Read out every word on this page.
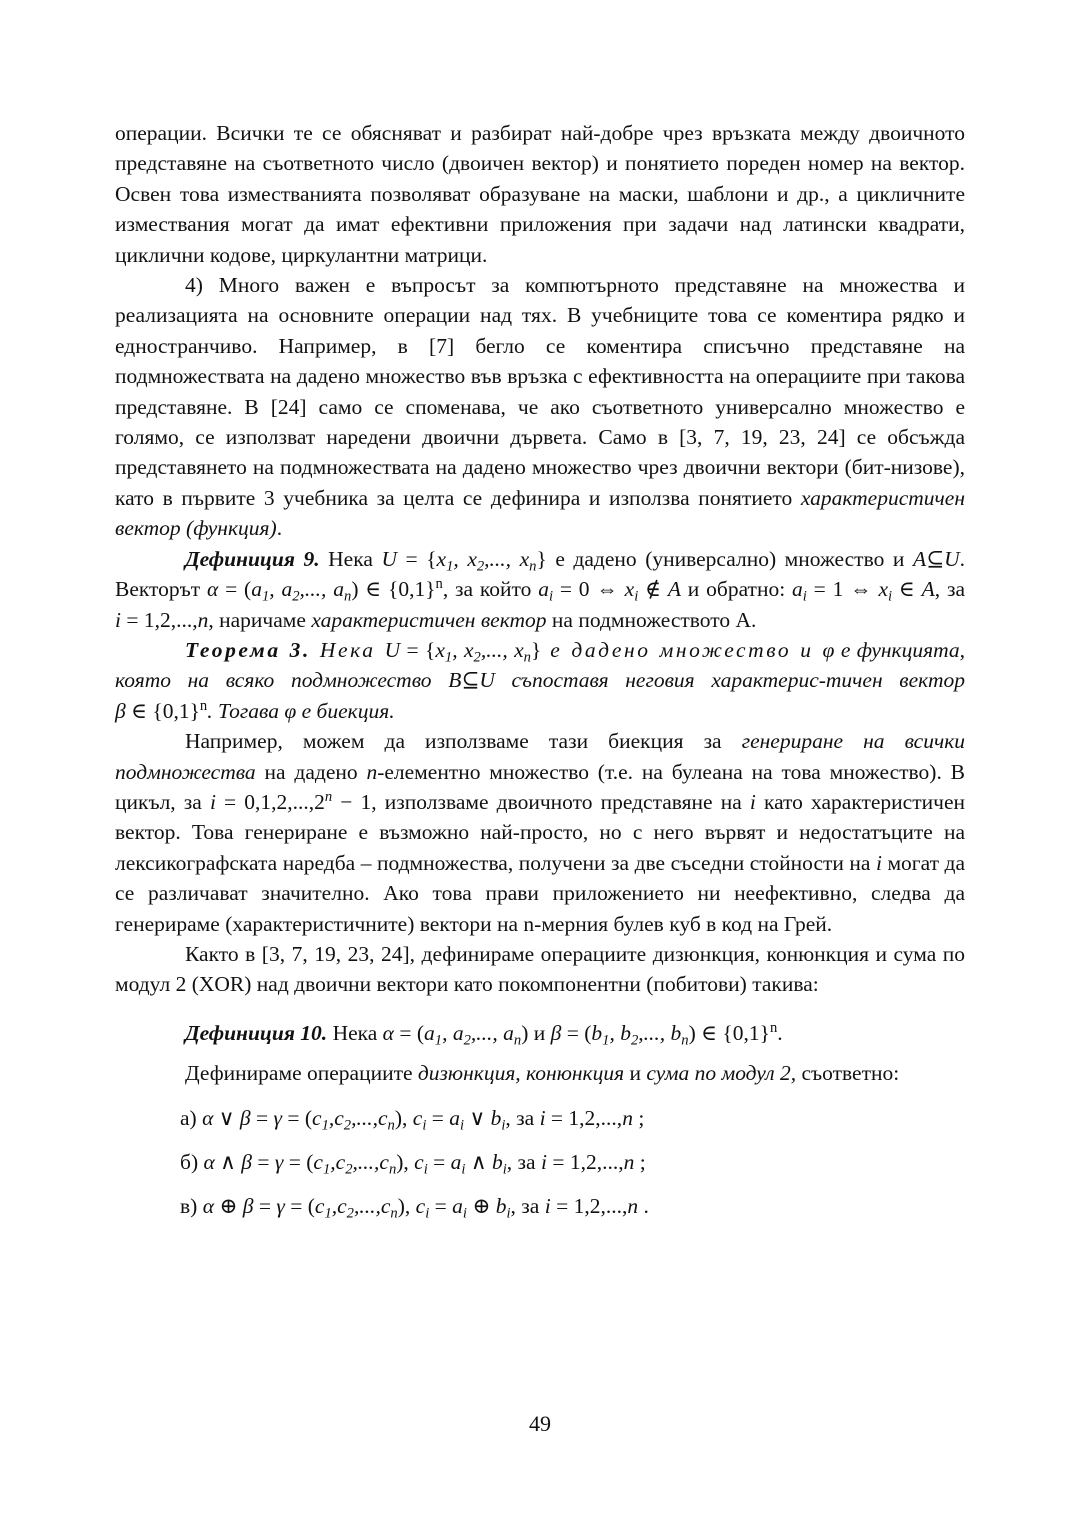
операции. Всички те се обясняват и разбират най-добре чрез връзката между двоичното представяне на съответното число (двоичен вектор) и понятието пореден номер на вектор. Освен това изместванията позволяват образуване на маски, шаблони и др., а цикличните измествания могат да имат ефективни приложения при задачи над латински квадрати, циклични кодове, циркулантни матрици.

4) Много важен е въпросът за компютърното представяне на множества и реализацията на основните операции над тях. В учебниците това се коментира рядко и едностранчиво. Например, в [7] бегло се коментира списъчно представяне на подмножествата на дадено множество във връзка с ефективността на операциите при такова представяне. В [24] само се споменава, че ако съответното универсално множество е голямо, се използват наредени двоични дървета. Само в [3, 7, 19, 23, 24] се обсъжда представянето на подмножествата на дадено множество чрез двоични вектори (бит-низове), като в първите 3 учебника за целта се дефинира и използва понятието характеристичен вектор (функция).

Дефиниция 9. Нека $U = \{x_1$, $x_2$,..., $x_n$} е дадено (универсално) множество и A⊆U. Векторът $\alpha = (a_1$, $a_2$,..., $a_n$) ∈ $\{0,1\}^n$, за който $a_i = 0$ ⇔ $x_i$ ∉ A и обратно: $a_i = 1$ ⇔ $x_i$ ∈ A, за i = 1,2,...,n, наричаме характеристичен вектор на подмножеството A.

Теорема 3. Нека $U = \{x_1$, $x_2$,..., $x_n$} е дадено множество и φ е функцията, която на всяко подмножество B⊆U съпоставя неговия характерис-тичен вектор β ∈ $\{0,1\}^n$. Тогава φ е биекция.

Например, можем да използваме тази биекция за генериране на всички подмножества на дадено n-елементно множество (т.е. на булеана на това множество). В цикъл, за $i = 0,1,2,...,2^n - 1$, използваме двоичното представяне на i като характеристичен вектор. Това генериране е възможно най-просто, но с него вървят и недостатъците на лексикографската наредба – подмножества, получени за две съседни стойности на i могат да се различават значително. Ако това прави приложението ни неефективно, следва да генерираме (характеристичните) вектори на n-мерния булев куб в код на Грей.

Както в [3, 7, 19, 23, 24], дефинираме операциите дизюнкция, конюнкция и сума по модул 2 (XOR) над двоични вектори като покомпонентни (побитови) такива:

Дефиниция 10. Нека $\alpha = (a_1$, $a_2$,..., $a_n$) и $\beta = (b_1$, $b_2$,..., $b_n$) ∈ $\{0,1\}^n$.

Дефинираме операциите дизюнкция, конюнкция и сума по модул 2, съответно:

а) α ∨ $\beta = \gamma = (c_1,c_2,...,c_n)$, $c_i = a_i$ ∨ $b_i$, за i = 1,2,...,n ;

б) α ∧ $\beta = \gamma = (c_1,c_2,...,c_n)$, $c_i = a_i$ ∧ $b_i$, за i = 1,2,...,n ;

в) α ⊕ $\beta = \gamma = (c_1,c_2,...,c_n)$, $c_i = a_i$ ⊕ $b_i$, за i = 1,2,...,n .

49
